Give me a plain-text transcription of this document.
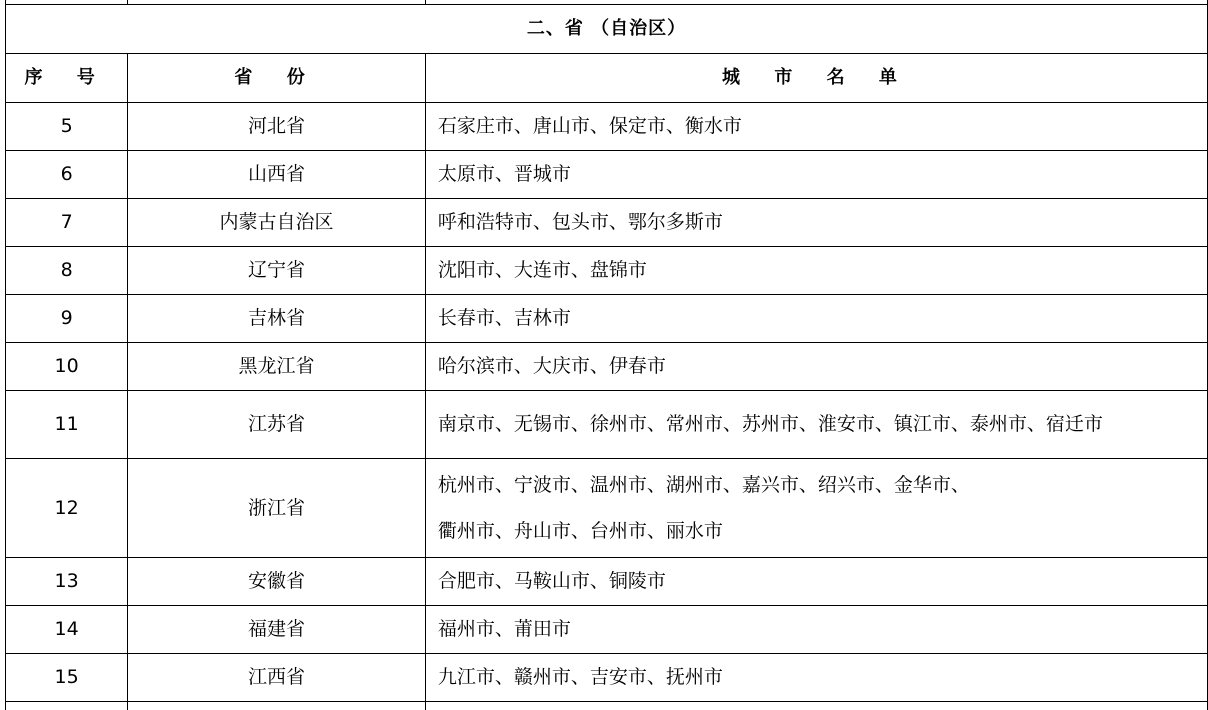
二、省 （自治区）		
序 号	省 份	城 市 名 单
5	河北省	石家庄市、唐山市、保定市、衡水市
6	山西省	太原市、晋城市
7	内蒙古自治区	呼和浩特市、包头市、鄂尔多斯市
8	辽宁省	沈阳市、大连市、盘锦市
9	吉林省	长春市、吉林市
10	黑龙江省	哈尔滨市、大庆市、伊春市
11	江苏省	南京市、无锡市、徐州市、常州市、苏州市、淮安市、镇江市、泰州市、宿迁市
12	浙江省	杭州市、宁波市、温州市、湖州市、嘉兴市、绍兴市、金华市、
衢州市、舟山市、台州市、丽水市
13	安徽省	合肥市、马鞍山市、铜陵市
14	福建省	福州市、莆田市
15	江西省	九江市、赣州市、吉安市、抚州市
